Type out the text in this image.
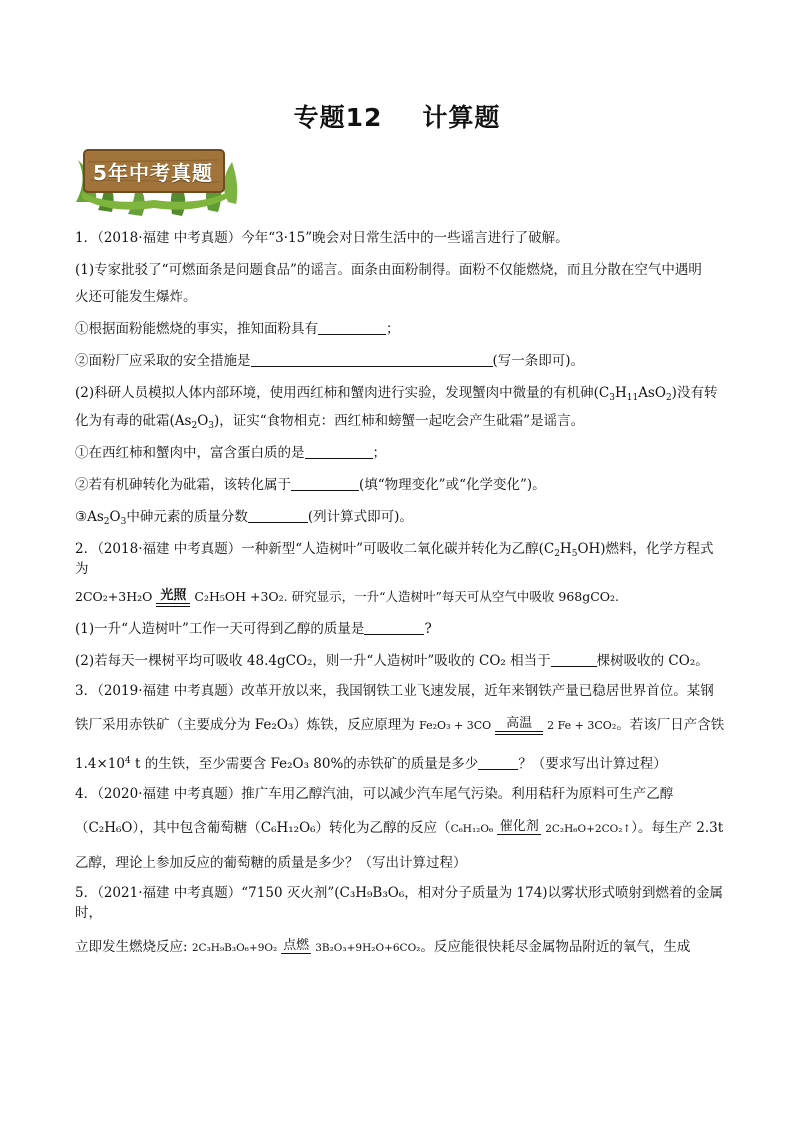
专题12 计算题
5年中考真题

1．（2018·福建 中考真题）今年“3·15”晚会对日常生活中的一些谣言进行了破解。

(1)专家批驳了“可燃面条是问题食品”的谣言。面条由面粉制得。面粉不仅能燃烧，而且分散在空气中遇明

火还可能发生爆炸。

①根据面粉能燃烧的事实，推知面粉具有	；

②面粉厂应采取的安全措施是	(写一条即可)。

(2)科研人员模拟人体内部环境，使用西红柿和蟹肉进行实验，发现蟹肉中微量的有机砷$(C_3H_{11}AsO_2)$没有转

化为有毒的砒霜$(As_2O_3)$，证实“食物相克：西红柿和螃蟹一起吃会产生砒霜”是谣言。

①在西红柿和蟹肉中，富含蛋白质的是	；

②若有机砷转化为砒霜，该转化属于	(填“物理变化”或“化学变化”)。

$③As_2O_3$中砷元素的质量分数	(列计算式即可)。

2．（2018·福建 中考真题）一种新型“人造树叶”可吸收二氧化碳并转化为乙醇$(C_2H_5OH)$燃料，化学方程式为

2CO₂+3H₂O 光照 C₂H₅OH +3O₂. 研究显示，一升“人造树叶”每天可从空气中吸收 968gCO₂.

(1)一升“人造树叶”工作一天可得到乙醇的质量是	?

(2)若每天一棵树平均可吸收 48.4gCO₂，则一升“人造树叶”吸收的 CO₂ 相当于	棵树吸收的 CO₂。

3．（2019·福建 中考真题）改革开放以来，我国钢铁工业飞速发展，近年来钢铁产量已稳居世界首位。某钢

铁厂采用赤铁矿（主要成分为 Fe₂O₃）炼铁，反应原理为 Fe₂O₃ + 3CO	高温	2 Fe + 3CO₂。若该厂日产含铁

$1.4\times 10^4$ t 的生铁，至少需要含 Fe₂O₃ 80%的赤铁矿的质量是多少	？（要求写出计算过程）

4．（2020·福建 中考真题）推广车用乙醇汽油，可以减少汽车尾气污染。利用秸秆为原料可生产乙醇

（C₂H₆O），其中包含葡萄糖（C₆H₁₂O₆）转化为乙醇的反应（C₆H₁₂O₆ 催化剂 2C₂H₆O+2CO₂↑）。每生产 2.3t

乙醇，理论上参加反应的葡萄糖的质量是多少？（写出计算过程）

5．（2021·福建 中考真题）“7150 灭火剂”(C₃H₉B₃O₆，相对分子质量为 174)以雾状形式喷射到燃着的金属时，

立即发生燃烧反应: 2C₃H₉B₃O₆+9O₂ 点燃 3B₂O₃+9H₂O+6CO₂。反应能很快耗尽金属物品附近的氧气，生成
